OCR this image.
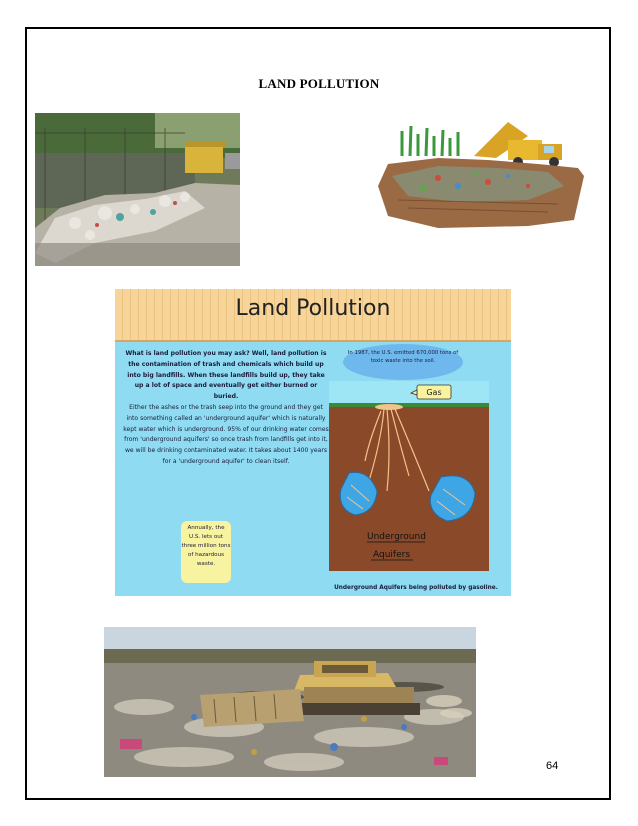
LAND POLLUTION
Land Pollution

What is land pollution you may ask? Well, land pollution is the contamination of trash and chemicals which build up into big landfills. When these landfills build up, they take up a lot of space and eventually get either burned or buried.

Either the ashes or the trash seep into the ground and they get into something called an 'underground aquifer' which is naturally kept water which is underground. 95% of our drinking water comes from 'underground aquifers' so once trash from landfills get into it, we will be drinking contaminated water. It takes about 1400 years for a 'underground aquifer' to clean itself.

Annually, the U.S. lets out three million tons of hazardous waste.
In 1987, the U.S. emitted 670,000 tons of toxic waste into the soil.
Gas
Underground
Aquifers
Underground Aquifers being polluted by gasoline.
64
